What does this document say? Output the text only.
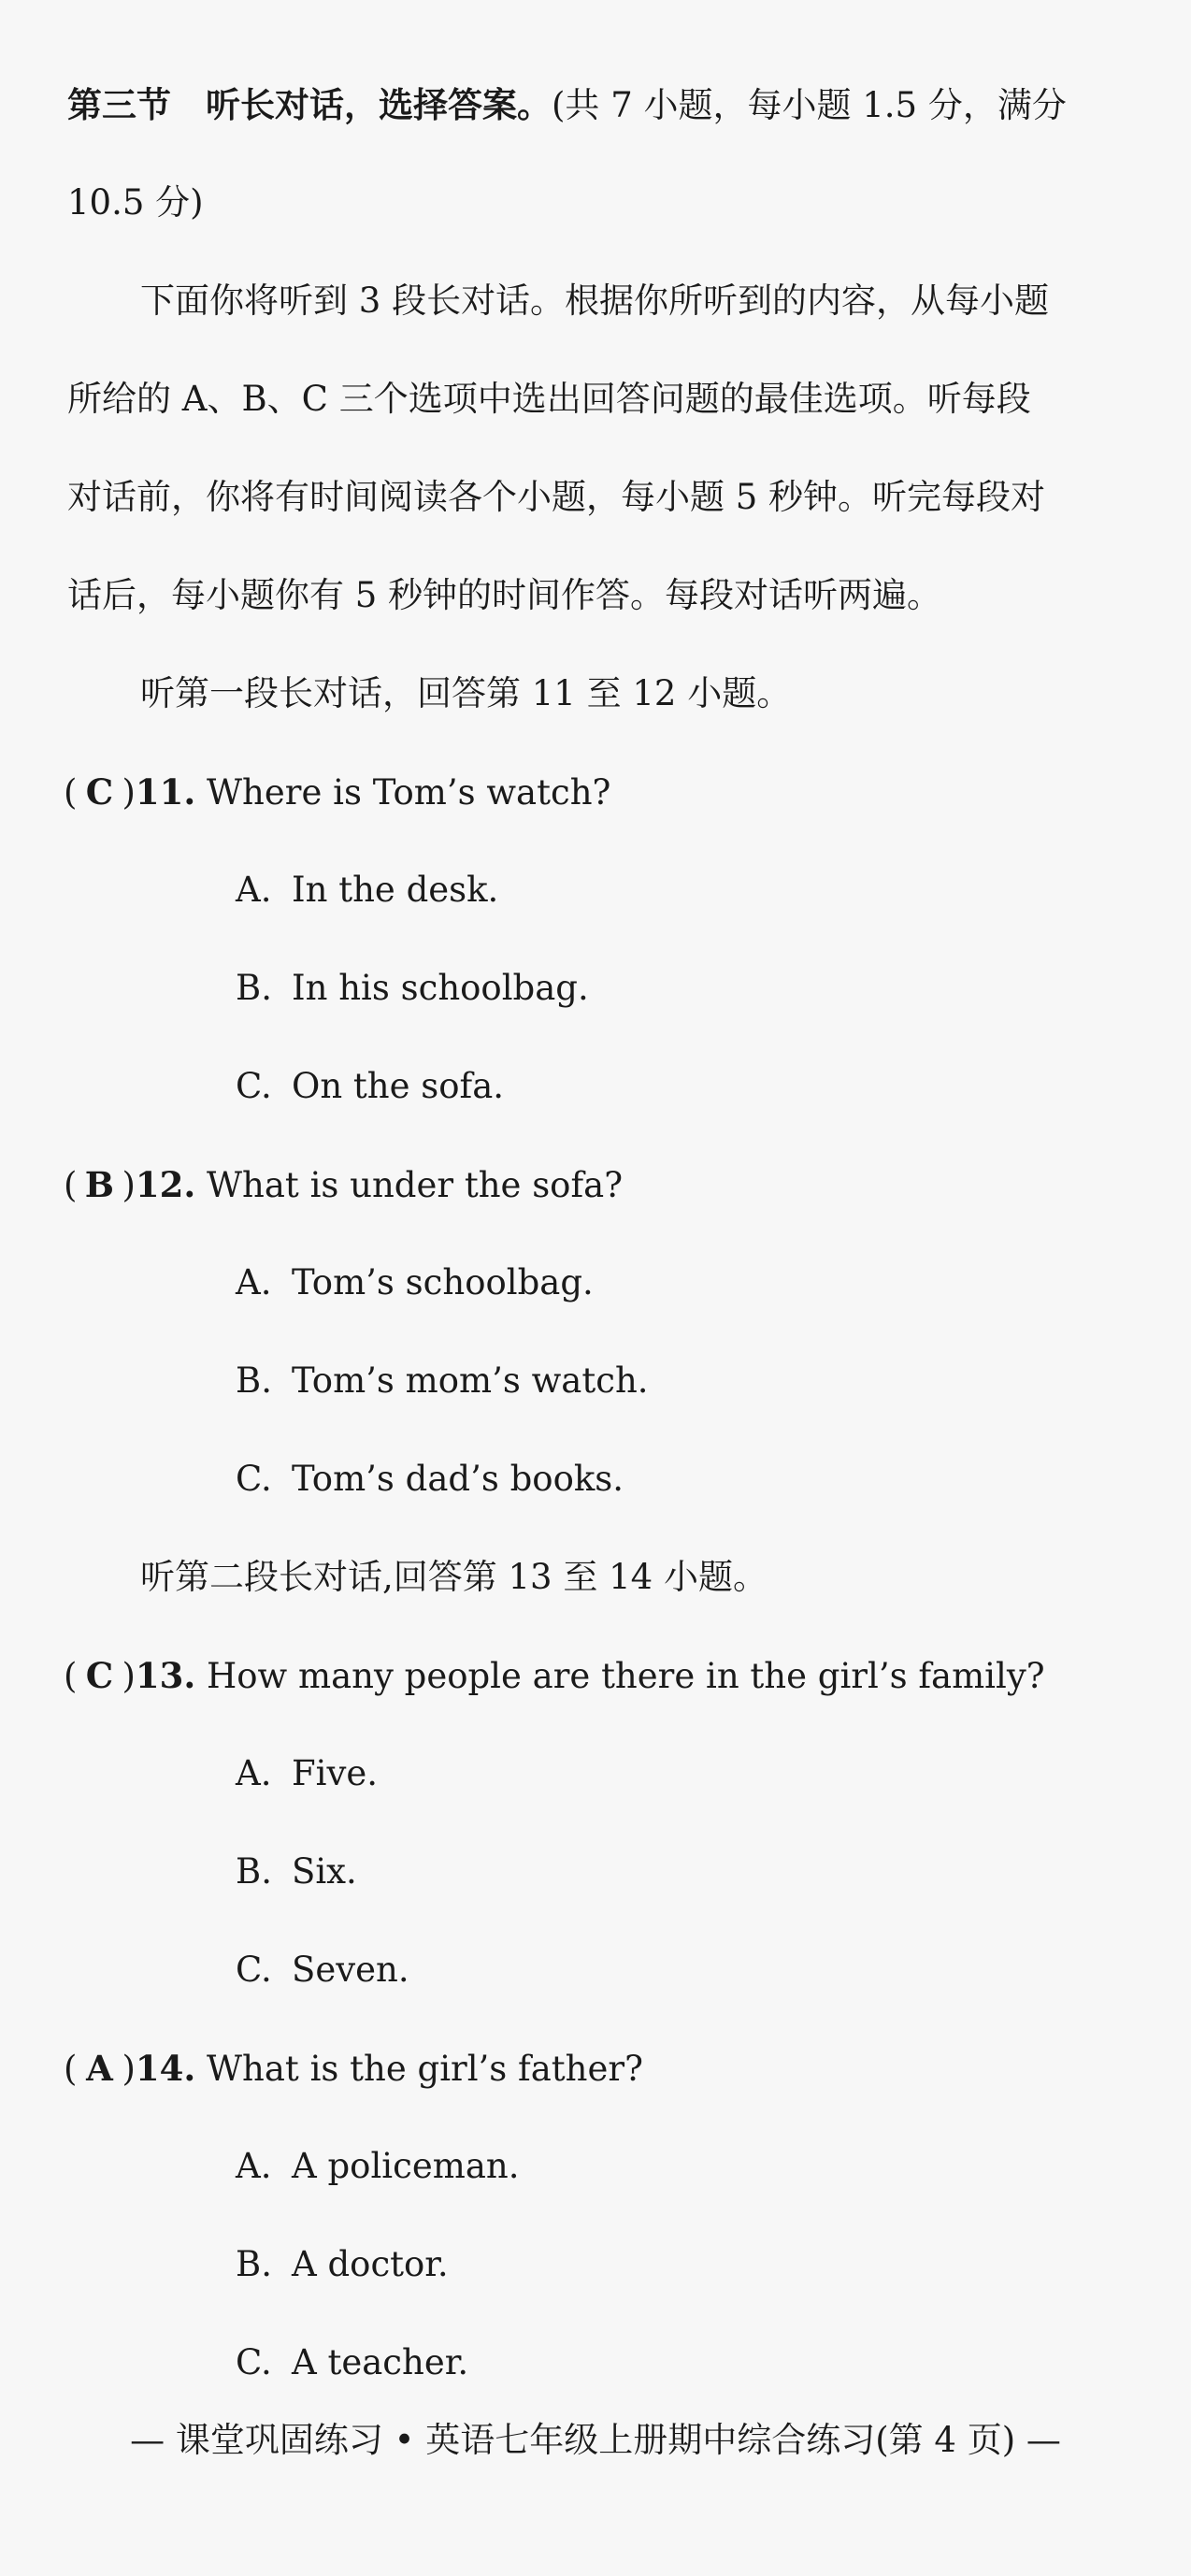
第三节　听长对话，选择答案。(共 7 小题，每小题 1.5 分，满分
10.5 分)
下面你将听到 3 段长对话。根据你所听到的内容，从每小题
所给的 A、B、C 三个选项中选出回答问题的最佳选项。听每段
对话前，你将有时间阅读各个小题，每小题 5 秒钟。听完每段对
话后，每小题你有 5 秒钟的时间作答。每段对话听两遍。
听第一段长对话，回答第 11 至 12 小题。
( C )11. Where is Tom’s watch?
A. In the desk.
B. In his schoolbag.
C. On the sofa.
( B )12. What is under the sofa?
A. Tom’s schoolbag.
B. Tom’s mom’s watch.
C. Tom’s dad’s books.
听第二段长对话,回答第 13 至 14 小题。
( C )13. How many people are there in the girl’s family?
A. Five.
B. Six.
C. Seven.
( A )14. What is the girl’s father?
A. A policeman.
B. A doctor.
C. A teacher.
— 课堂巩固练习 • 英语七年级上册期中综合练习(第 4 页) —
